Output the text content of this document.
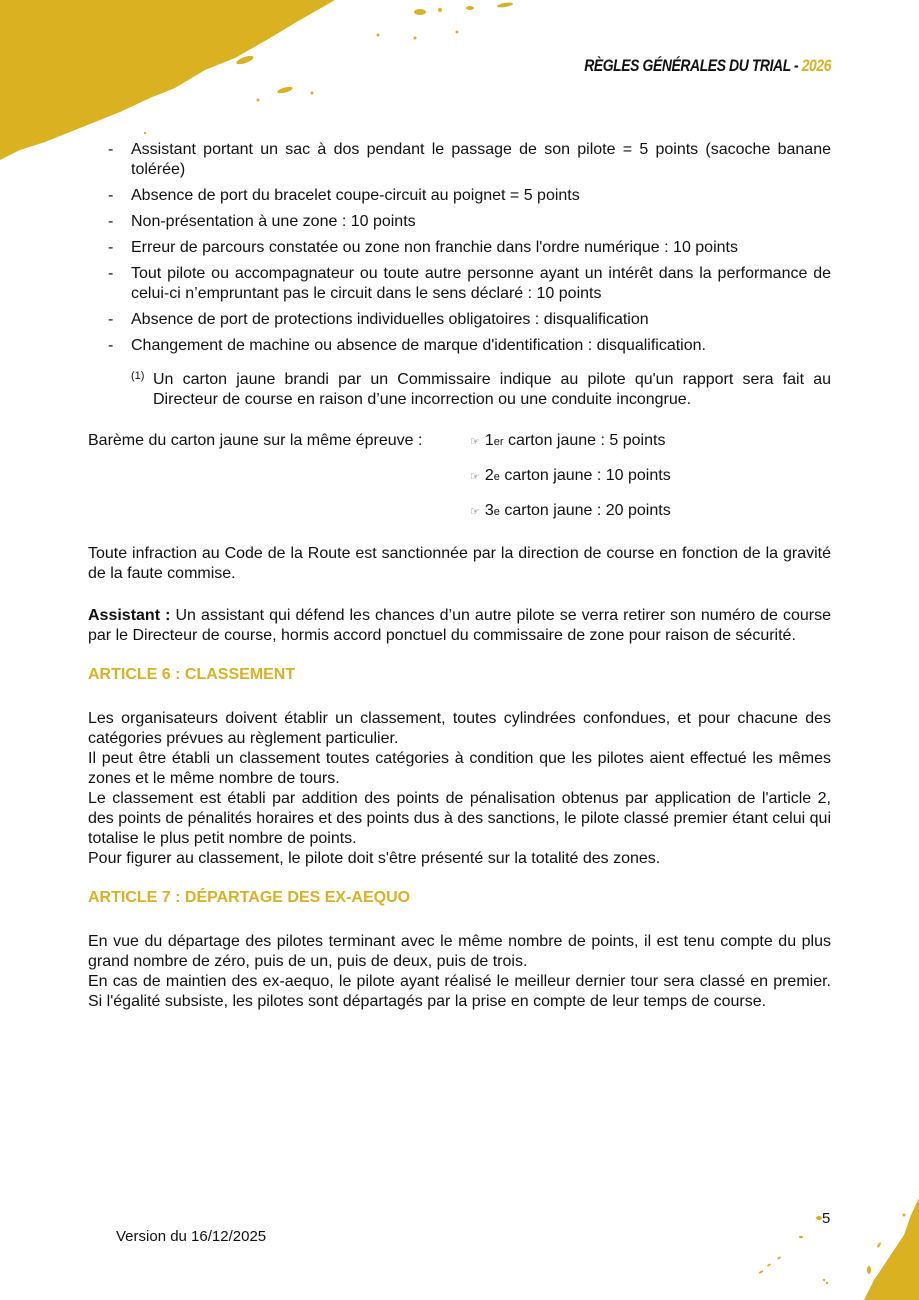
RÈGLES GÉNÉRALES DU TRIAL - 2026
- Assistant portant un sac à dos pendant le passage de son pilote = 5 points (sacoche banane tolérée)
- Absence de port du bracelet coupe-circuit au poignet = 5 points
- Non-présentation à une zone : 10 points
- Erreur de parcours constatée ou zone non franchie dans l'ordre numérique : 10 points
- Tout pilote ou accompagnateur ou toute autre personne ayant un intérêt dans la performance de celui-ci n’empruntant pas le circuit dans le sens déclaré : 10 points
- Absence de port de protections individuelles obligatoires : disqualification
- Changement de machine ou absence de marque d'identification : disqualification.
(1) Un carton jaune brandi par un Commissaire indique au pilote qu'un rapport sera fait au Directeur de course en raison d’une incorrection ou une conduite incongrue.
Barème du carton jaune sur la même épreuve :	☞ 1 er carton jaune : 5 points
☞ 2 e carton jaune : 10 points
☞ 3 e carton jaune : 20 points

Toute infraction au Code de la Route est sanctionnée par la direction de course en fonction de la gravité de la faute commise.

Assistant : Un assistant qui défend les chances d’un autre pilote se verra retirer son numéro de course par le Directeur de course, hormis accord ponctuel du commissaire de zone pour raison de sécurité.

ARTICLE 6 : CLASSEMENT

Les organisateurs doivent établir un classement, toutes cylindrées confondues, et pour chacune des catégories prévues au règlement particulier.

Il peut être établi un classement toutes catégories à condition que les pilotes aient effectué les mêmes zones et le même nombre de tours.

Le classement est établi par addition des points de pénalisation obtenus par application de l'article 2, des points de pénalités horaires et des points dus à des sanctions, le pilote classé premier étant celui qui totalise le plus petit nombre de points.

Pour figurer au classement, le pilote doit s'être présenté sur la totalité des zones.

ARTICLE 7 : DÉPARTAGE DES EX-AEQUO

En vue du départage des pilotes terminant avec le même nombre de points, il est tenu compte du plus grand nombre de zéro, puis de un, puis de deux, puis de trois.

En cas de maintien des ex-aequo, le pilote ayant réalisé le meilleur dernier tour sera classé en premier. Si l'égalité subsiste, les pilotes sont départagés par la prise en compte de leur temps de course.

Version du 16/12/2025
5
